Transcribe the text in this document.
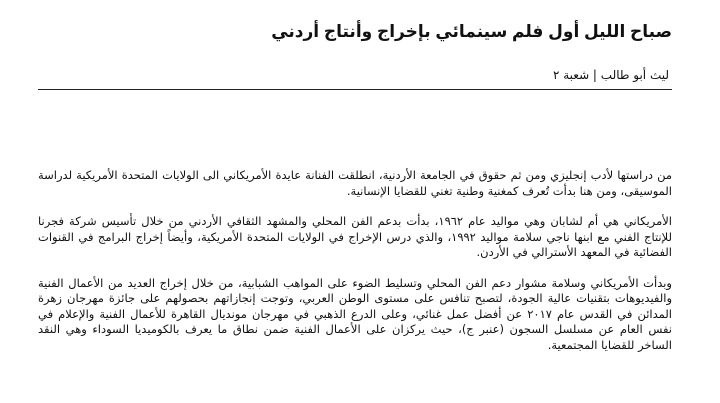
صباح الليل أول فلم سينمائي بإخراج وأنتاج أردني

ليث أبو طالب | شعبة ٢

من دراستها لأدب إنجليزي ومن ثم حقوق في الجامعة الأردنية، انطلقت الفنانة عايدة الأمريكاني الى الولايات المتحدة الأمريكية لدراسة الموسيقى، ومن هنا بدأت تُعرف كمغنية وطنية تغني للقضايا الإنسانية.

الأمريكاني هي أم لشابان وهي مواليد عام ١٩٦٢، بدأت بدعم الفن المحلي والمشهد الثقافي الأردني من خلال تأسيس شركة فجرنا للإنتاج الفني مع ابنها ناجي سلامة مواليد ١٩٩٢، والذي درس الإخراج في الولايات المتحدة الأمريكية، وأيضاً إخراج البرامج في القنوات الفضائية في المعهد الأسترالي في الأردن.

وبدأت الأمريكاني وسلامة مشوار دعم الفن المحلي وتسليط الضوء على المواهب الشبابية، من خلال إخراج العديد من الأعمال الفنية والفيديوهات بتقنيات عالية الجودة، لتصبح تنافس على مستوى الوطن العربي، وتوجت إنجازاتهم بحصولهم على جائزة مهرجان زهرة المدائن في القدس عام ٢٠١٧ عن أفضل عمل غنائي، وعلى الدرع الذهبي في مهرجان مونديال القاهرة للأعمال الفنية والإعلام في نفس العام عن مسلسل السجون (عنبر ج)، حيث يركزان على الأعمال الفنية ضمن نطاق ما يعرف بالكوميديا السوداء وهي النقد الساخر للقضايا المجتمعية.
